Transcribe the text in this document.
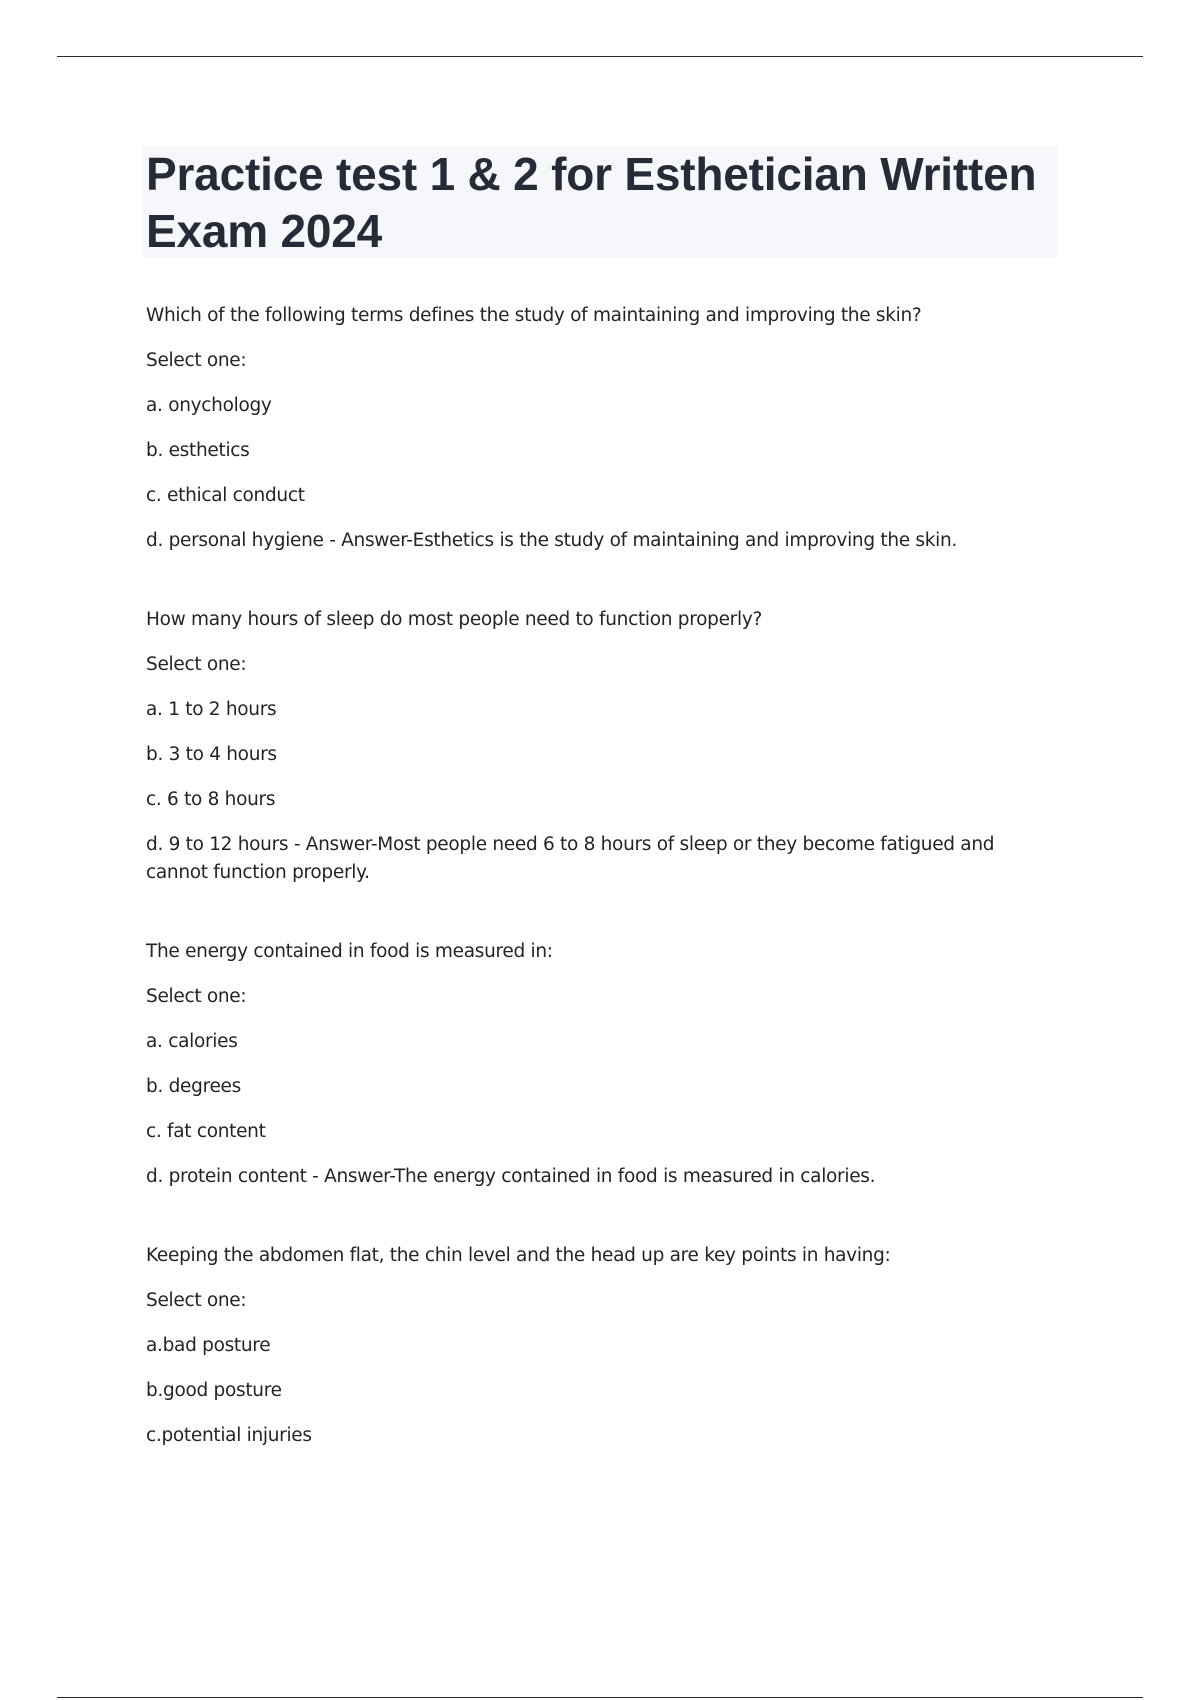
Practice test 1 & 2 for Esthetician Written Exam 2024
Which of the following terms defines the study of maintaining and improving the skin?
Select one:
a. onychology
b. esthetics
c. ethical conduct
d. personal hygiene - Answer-Esthetics is the study of maintaining and improving the skin.
How many hours of sleep do most people need to function properly?
Select one:
a. 1 to 2 hours
b. 3 to 4 hours
c. 6 to 8 hours
d. 9 to 12 hours - Answer-Most people need 6 to 8 hours of sleep or they become fatigued and cannot function properly.
The energy contained in food is measured in:
Select one:
a. calories
b. degrees
c. fat content
d. protein content - Answer-The energy contained in food is measured in calories.
Keeping the abdomen flat, the chin level and the head up are key points in having:
Select one:
a.bad posture
b.good posture
c.potential injuries
